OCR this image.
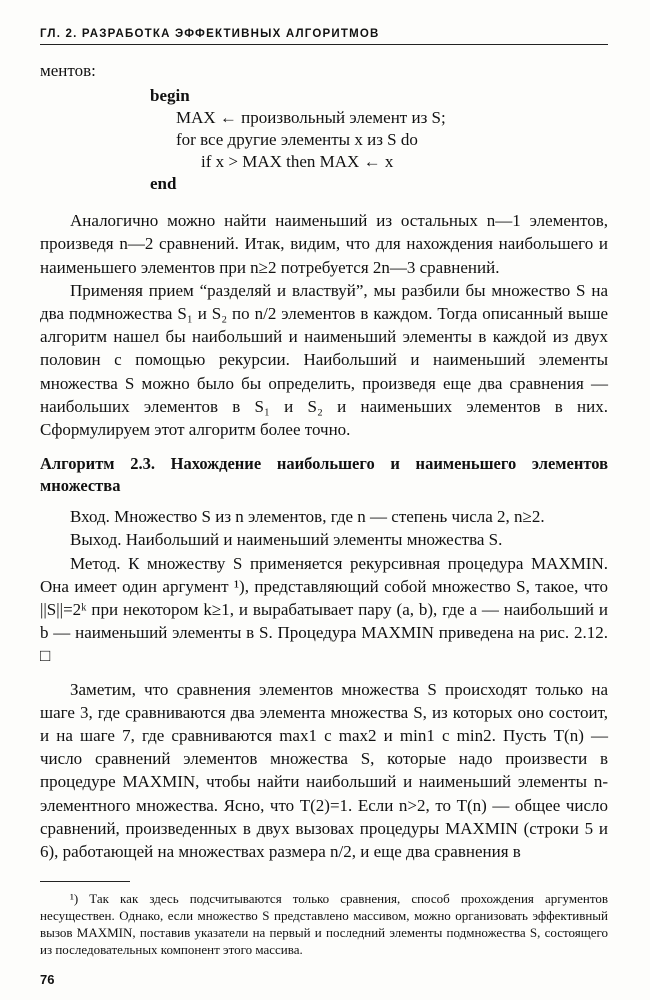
ГЛ. 2. РАЗРАБОТКА ЭФФЕКТИВНЫХ АЛГОРИТМОВ

ментов:

begin
MAX ← произвольный элемент из S;
for все другие элементы x из S do
if x > MAX then MAX ← x
end

Аналогично можно найти наименьший из остальных n—1 элементов, произведя n—2 сравнений. Итак, видим, что для нахождения наибольшего и наименьшего элементов при n≥2 потребуется 2n—3 сравнений.

Применяя прием “разделяй и властвуй”, мы разбили бы множество S на два подмножества S₁ и S₂ по n/2 элементов в каждом. Тогда описанный выше алгоритм нашел бы наибольший и наименьший элементы в каждой из двух половин с помощью рекурсии. Наибольший и наименьший элементы множества S можно было бы определить, произведя еще два сравнения — наибольших элементов в S₁ и S₂ и наименьших элементов в них. Сформулируем этот алгоритм более точно.

Алгоритм 2.3. Нахождение наибольшего и наименьшего элементов множества

Вход. Множество S из n элементов, где n — степень числа 2, n≥2.

Выход. Наибольший и наименьший элементы множества S.

Метод. К множеству S применяется рекурсивная процедура MAXMIN. Она имеет один аргумент ¹), представляющий собой множество S, такое, что ||S||=2ᵏ при некотором k≥1, и вырабатывает пару (a, b), где a — наибольший и b — наименьший элементы в S. Процедура MAXMIN приведена на рис. 2.12. □

Заметим, что сравнения элементов множества S происходят только на шаге 3, где сравниваются два элемента множества S, из которых оно состоит, и на шаге 7, где сравниваются max1 с max2 и min1 с min2. Пусть T(n) — число сравнений элементов множества S, которые надо произвести в процедуре MAXMIN, чтобы найти наибольший и наименьший элементы n-элементного множества. Ясно, что T(2)=1. Если n>2, то T(n) — общее число сравнений, произведенных в двух вызовах процедуры MAXMIN (строки 5 и 6), работающей на множествах размера n/2, и еще два сравнения в

¹) Так как здесь подсчитываются только сравнения, способ прохождения аргументов несуществен. Однако, если множество S представлено массивом, можно организовать эффективный вызов MAXMIN, поставив указатели на первый и последний элементы подмножества S, состоящего из последовательных компонент этого массива.

76
